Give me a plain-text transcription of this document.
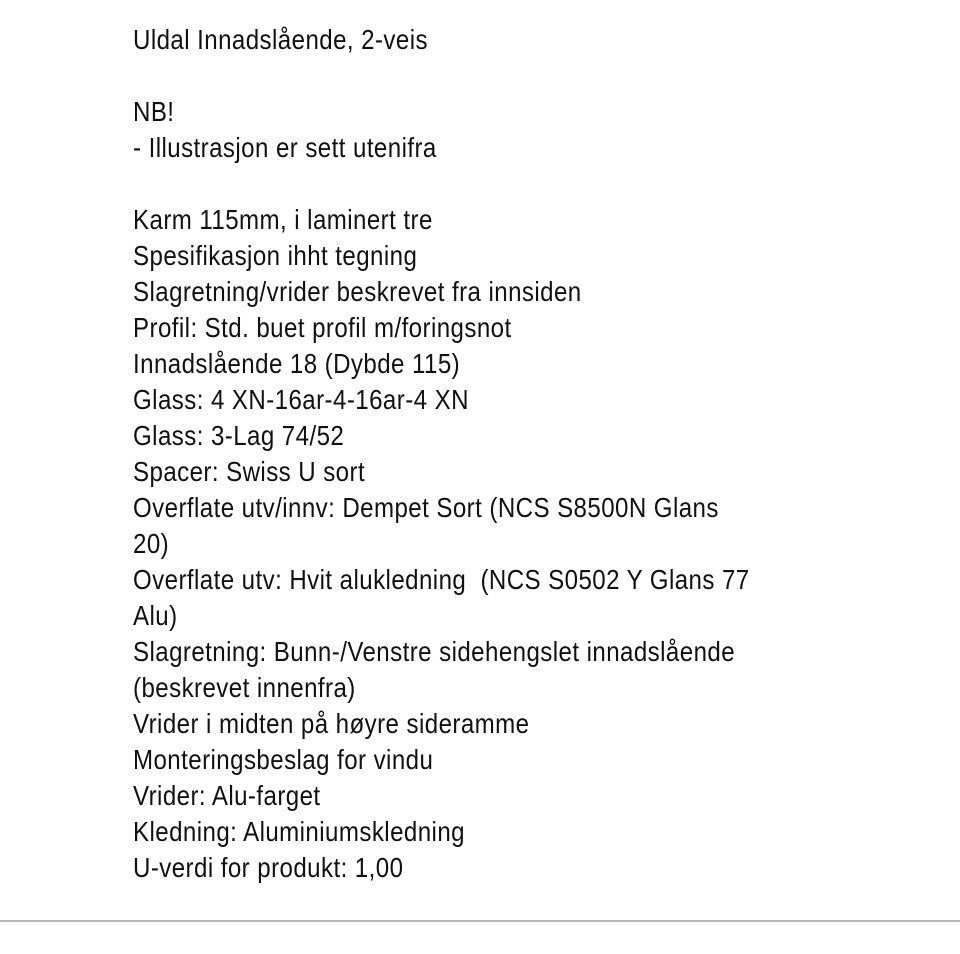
Uldal Innadslående, 2-veis
NB!
- Illustrasjon er sett utenifra
Karm 115mm, i laminert tre
Spesifikasjon ihht tegning
Slagretning/vrider beskrevet fra innsiden
Profil: Std. buet profil m/foringsnot
Innadslående 18 (Dybde 115)
Glass: 4 XN-16ar-4-16ar-4 XN
Glass: 3-Lag 74/52
Spacer: Swiss U sort
Overflate utv/innv: Dempet Sort (NCS S8500N Glans
20)
Overflate utv: Hvit alukledning  (NCS S0502 Y Glans 77
Alu)
Slagretning: Bunn-/Venstre sidehengslet innadslående
(beskrevet innenfra)
Vrider i midten på høyre sideramme
Monteringsbeslag for vindu
Vrider: Alu-farget
Kledning: Aluminiumskledning
U-verdi for produkt: 1,00
